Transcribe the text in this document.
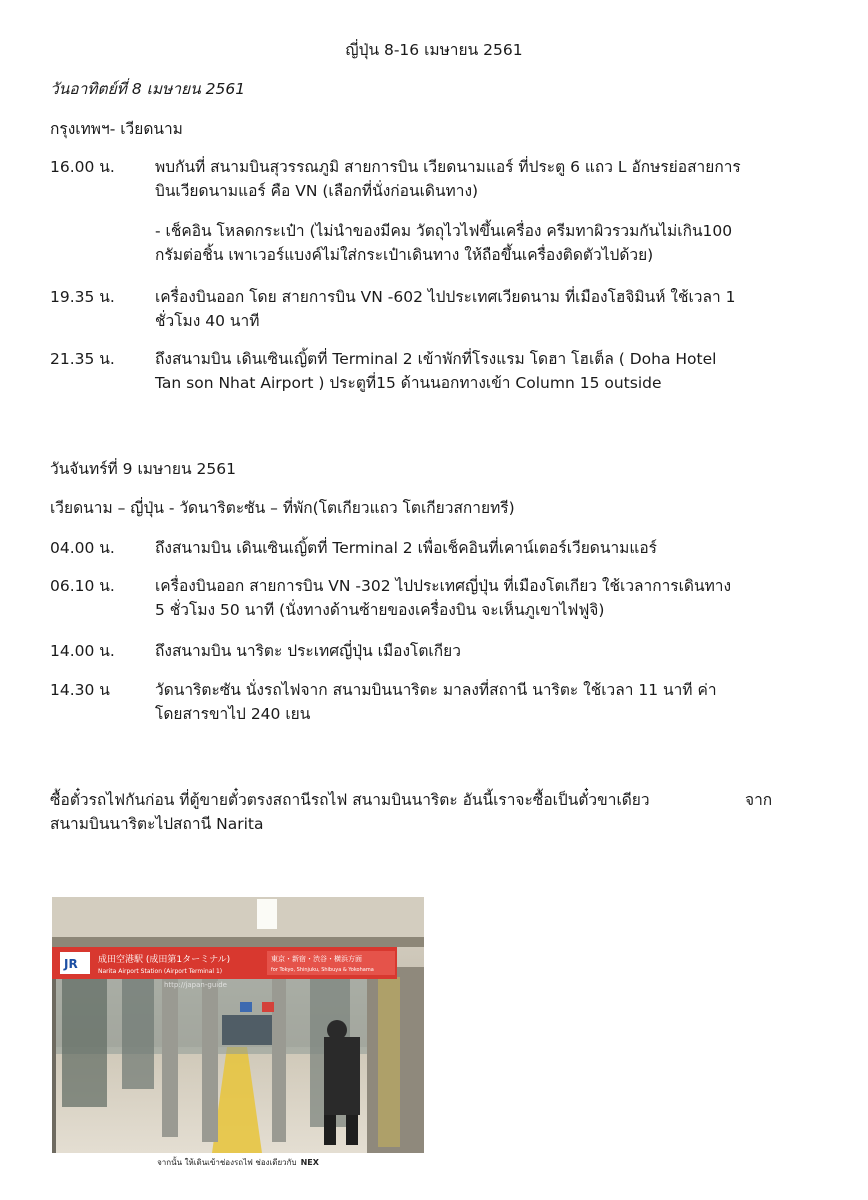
ญี่ปุ่น 8-16 เมษายน 2561
วันอาทิตย์ที่ 8 เมษายน 2561
กรุงเทพฯ- เวียดนาม
16.00 น.	พบกันที่ สนามบินสุวรรณภูมิ สายการบิน เวียดนามแอร์ ที่ประตู 6 แถว L อักษรย่อสายการ
บินเวียดนามแอร์ คือ VN (เลือกที่นั่งก่อนเดินทาง)
- เช็คอิน โหลดกระเป๋า (ไม่นำของมีคม วัตถุไวไฟขึ้นเครื่อง ครีมทาผิวรวมกันไม่เกิน100
กรัมต่อชิ้น เพาเวอร์แบงค์ไม่ใส่กระเป๋าเดินทาง ให้ถือขึ้นเครื่องติดตัวไปด้วย)
19.35 น.	เครื่องบินออก โดย สายการบิน VN -602 ไปประเทศเวียดนาม ที่เมืองโฮจิมินห์ ใช้เวลา 1
ชั่วโมง 40 นาที
21.35 น.	ถึงสนามบิน เดินเซินเญิ้ตที่ Terminal 2 เข้าพักที่โรงแรม โดฮา โฮเต็ล ( Doha Hotel
Tan son Nhat Airport ) ประตูที่15 ด้านนอกทางเข้า Column 15 outside
วันจันทร์ที่ 9 เมษายน 2561
เวียดนาม – ญี่ปุ่น - วัดนาริตะซัน – ที่พัก(โตเกียวแถว โตเกียวสกายทรี)
04.00 น.	ถึงสนามบิน เดินเซินเญิ้ตที่ Terminal 2 เพื่อเช็คอินที่เคาน์เตอร์เวียดนามแอร์
06.10 น.	เครื่องบินออก สายการบิน VN -302 ไปประเทศญี่ปุ่น ที่เมืองโตเกียว ใช้เวลาการเดินทาง
5 ชั่วโมง 50 นาที (นั่งทางด้านซ้ายของเครื่องบิน จะเห็นภูเขาไฟฟูจิ)
14.00 น.	ถึงสนามบิน นาริตะ ประเทศญี่ปุ่น เมืองโตเกียว
14.30 น	วัดนาริตะซัน นั่งรถไฟจาก สนามบินนาริตะ มาลงที่สถานี นาริตะ ใช้เวลา 11 นาที ค่า
โดยสารขาไป 240 เยน
ซื้อตั๋วรถไฟกันก่อน ที่ตู้ขายตั๋วตรงสถานีรถไฟ สนามบินนาริตะ อันนี้เราจะซื้อเป็นตั๋วขาเดียว	จาก
สนามบินนาริตะไปสถานี Narita
JR 成田空港駅 (成田第1ターミナル)
Narita Airport Station (Airport Terminal 1)
東京・新宿・渋谷・横浜方面
for Tokyo, Shinjuku, Shibuya & Yokohama
http://japan-guide
จากนั้น ให้เดินเข้าช่องรถไฟ ช่องเดียวกับ NEX
